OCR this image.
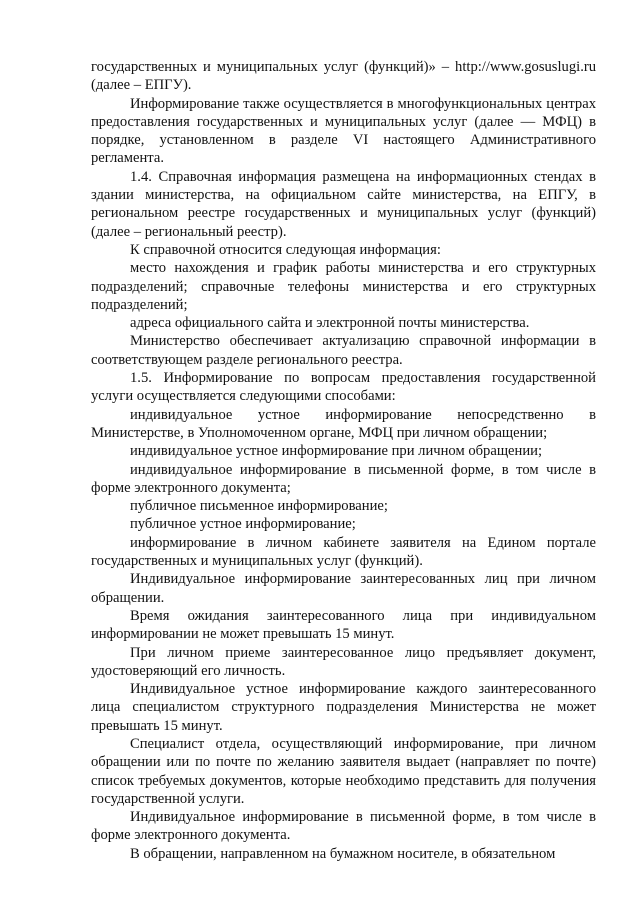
государственных и муниципальных услуг (функций)» – http://www.gosuslugi.ru (далее – ЕПГУ).

Информирование также осуществляется в многофункциональных центрах предоставления государственных и муниципальных услуг (далее — МФЦ) в порядке, установленном в разделе VI настоящего Административного регламента.

1.4. Справочная информация размещена на информационных стендах в здании министерства, на официальном сайте министерства, на ЕПГУ, в региональном реестре государственных и муниципальных услуг (функций) (далее – региональный реестр).

К справочной относится следующая информация:

место нахождения и график работы министерства и его структурных подразделений; справочные телефоны министерства и его структурных подразделений;

адреса официального сайта и электронной почты министерства.

Министерство обеспечивает актуализацию справочной информации в соответствующем разделе регионального реестра.

1.5. Информирование по вопросам предоставления государственной услуги осуществляется следующими способами:

индивидуальное устное информирование непосредственно в Министерстве, в Уполномоченном органе, МФЦ при личном обращении;

индивидуальное устное информирование при личном обращении;

индивидуальное информирование в письменной форме, в том числе в форме электронного документа;

публичное письменное информирование;

публичное устное информирование;

информирование в личном кабинете заявителя на Едином портале государственных и муниципальных услуг (функций).

Индивидуальное информирование заинтересованных лиц при личном обращении.

Время ожидания заинтересованного лица при индивидуальном информировании не может превышать 15 минут.

При личном приеме заинтересованное лицо предъявляет документ, удостоверяющий его личность.

Индивидуальное устное информирование каждого заинтересованного лица специалистом структурного подразделения Министерства не может превышать 15 минут.

Специалист отдела, осуществляющий информирование, при личном обращении или по почте по желанию заявителя выдает (направляет по почте) список требуемых документов, которые необходимо представить для получения государственной услуги.

Индивидуальное информирование в письменной форме, в том числе в форме электронного документа.

В обращении, направленном на бумажном носителе, в обязательном
